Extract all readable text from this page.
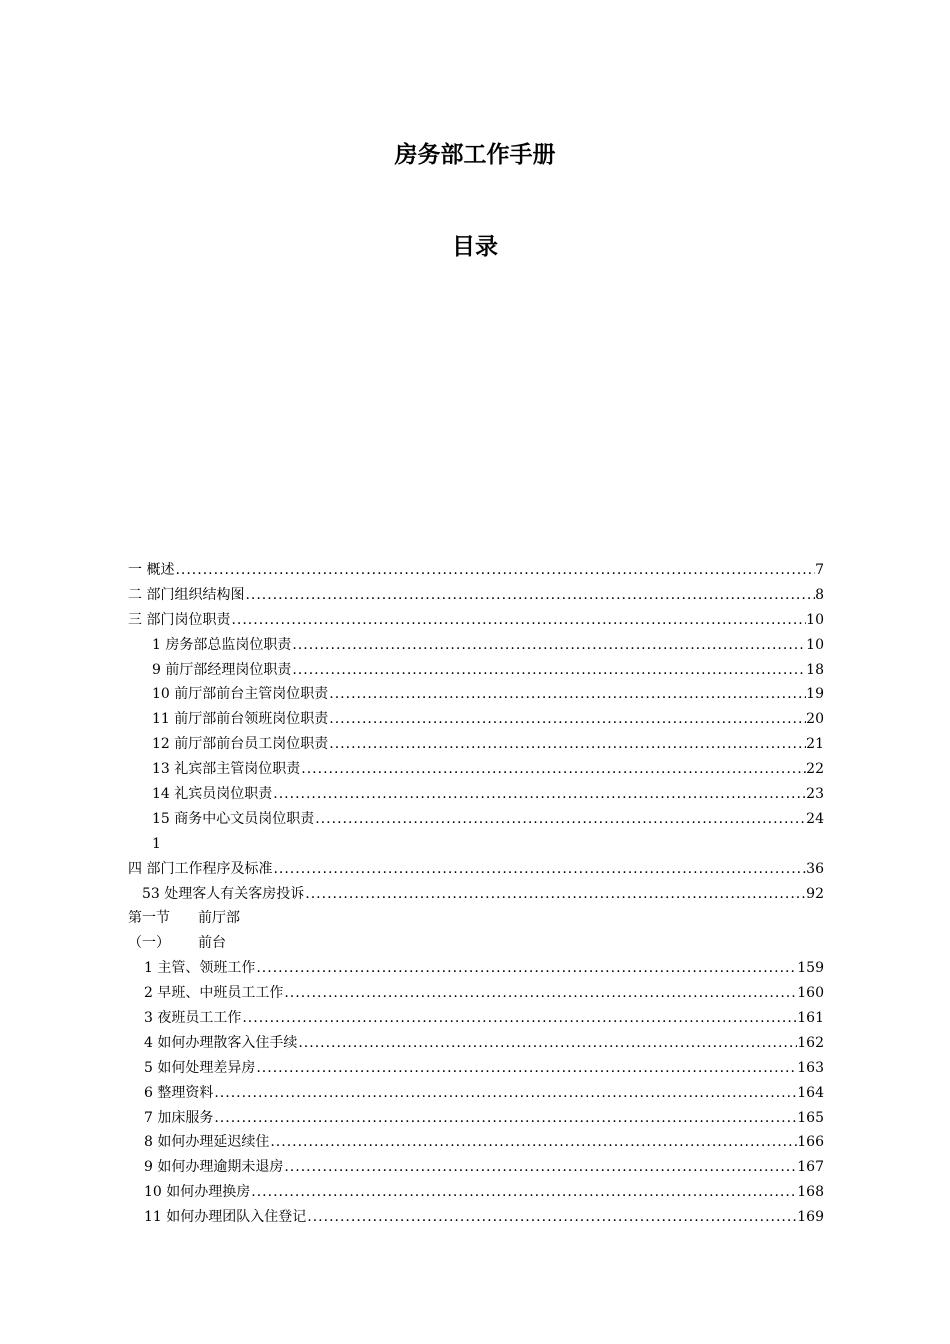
房务部工作手册
目录
一 概述 .....	7
二 部门组织结构图 .....	8
三 部门岗位职责 .....	10
1 房务部总监岗位职责 .....	10
9 前厅部经理岗位职责 .....	18
10 前厅部前台主管岗位职责 .....	19
11 前厅部前台领班岗位职责 .....	20
12 前厅部前台员工岗位职责 .....	21
13 礼宾部主管岗位职责 .....	22
14 礼宾员岗位职责 .....	23
15 商务中心文员岗位职责 .....	24
1
四 部门工作程序及标准 .....	36
53 处理客人有关客房投诉 .....	92
第一节 前厅部
（一） 前台
1 主管、领班工作 .....	159
2 早班、中班员工工作 .....	160
3 夜班员工工作 .....	161
4 如何办理散客入住手续 .....	162
5 如何处理差异房 .....	163
6 整理资料 .....	164
7 加床服务 .....	165
8 如何办理延迟续住 .....	166
9 如何办理逾期未退房 .....	167
10 如何办理换房 .....	168
11 如何办理团队入住登记 .....	169
